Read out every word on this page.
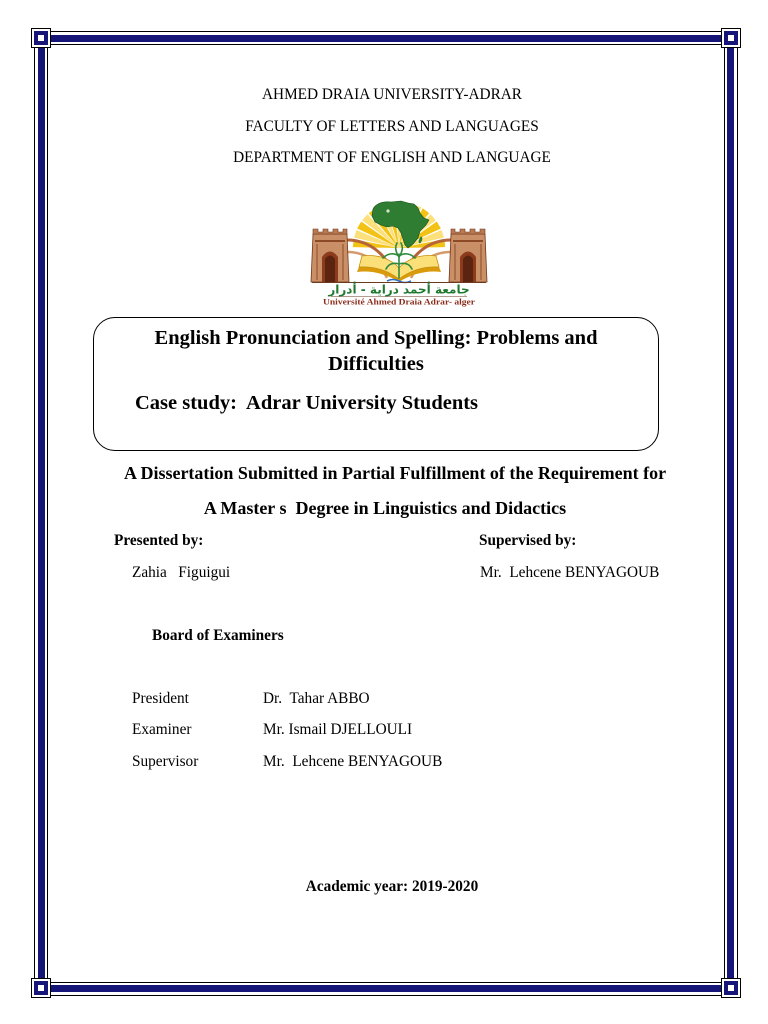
AHMED DRAIA UNIVERSITY-ADRAR
FACULTY OF LETTERS AND LANGUAGES
DEPARTMENT OF ENGLISH AND LANGUAGE
جامعة أحمد دراية - أدرار
Université Ahmed Draia Adrar- alger
English Pronunciation and Spelling: Problems and Difficulties
Case study:  Adrar University Students
A Dissertation Submitted in Partial Fulfillment of the Requirement for
A Master s  Degree in Linguistics and Didactics
Presented by:	Supervised by:
Zahia   Figuigui	Mr.  Lehcene BENYAGOUB
Board of Examiners
President	Dr.  Tahar ABBO
Examiner	Mr. Ismail DJELLOULI
Supervisor	Mr.  Lehcene BENYAGOUB
Academic year: 2019-2020
